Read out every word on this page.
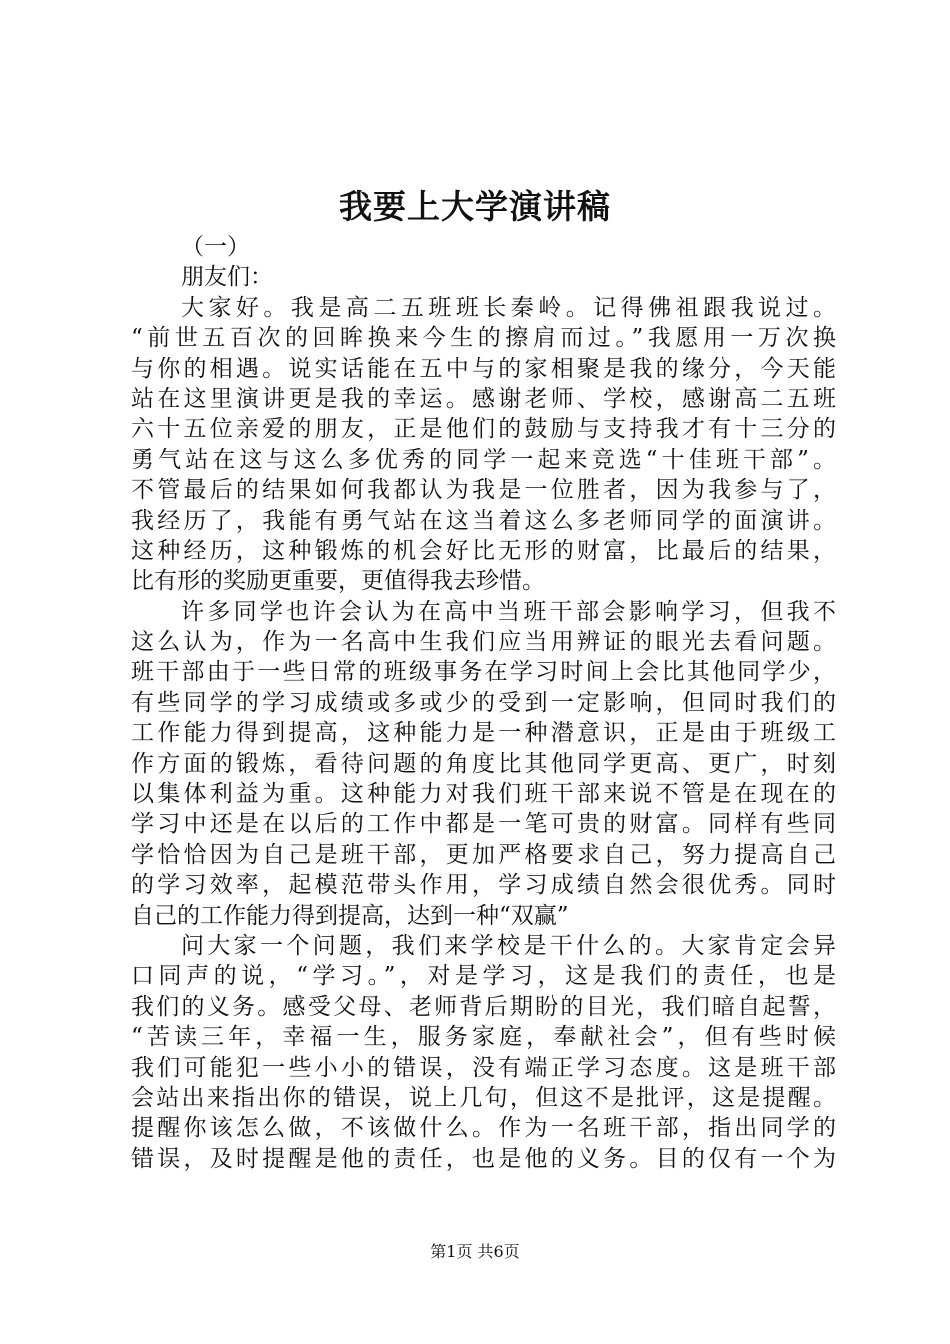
我要上大学演讲稿
（一）
朋友们：
大家好。我是高二五班班长秦岭。记得佛祖跟我说过。
“前世五百次的回眸换来今生的擦肩而过。”我愿用一万次换
与你的相遇。说实话能在五中与的家相聚是我的缘分，今天能
站在这里演讲更是我的幸运。感谢老师、学校，感谢高二五班
六十五位亲爱的朋友，正是他们的鼓励与支持我才有十三分的
勇气站在这与这么多优秀的同学一起来竞选“十佳班干部”。
不管最后的结果如何我都认为我是一位胜者，因为我参与了，
我经历了，我能有勇气站在这当着这么多老师同学的面演讲。
这种经历，这种锻炼的机会好比无形的财富，比最后的结果，
比有形的奖励更重要，更值得我去珍惜。
许多同学也许会认为在高中当班干部会影响学习，但我不
这么认为，作为一名高中生我们应当用辨证的眼光去看问题。
班干部由于一些日常的班级事务在学习时间上会比其他同学少，
有些同学的学习成绩或多或少的受到一定影响，但同时我们的
工作能力得到提高，这种能力是一种潜意识，正是由于班级工
作方面的锻炼，看待问题的角度比其他同学更高、更广，时刻
以集体利益为重。这种能力对我们班干部来说不管是在现在的
学习中还是在以后的工作中都是一笔可贵的财富。同样有些同
学恰恰因为自己是班干部，更加严格要求自己，努力提高自己
的学习效率，起模范带头作用，学习成绩自然会很优秀。同时
自己的工作能力得到提高，达到一种“双赢”
问大家一个问题，我们来学校是干什么的。大家肯定会异
口同声的说，“学习。”，对是学习，这是我们的责任，也是
我们的义务。感受父母、老师背后期盼的目光，我们暗自起誓，
“苦读三年，幸福一生，服务家庭，奉献社会”，但有些时候
我们可能犯一些小小的错误，没有端正学习态度。这是班干部
会站出来指出你的错误，说上几句，但这不是批评，这是提醒。
提醒你该怎么做，不该做什么。作为一名班干部，指出同学的
错误，及时提醒是他的责任，也是他的义务。目的仅有一个为
第1页 共6页
